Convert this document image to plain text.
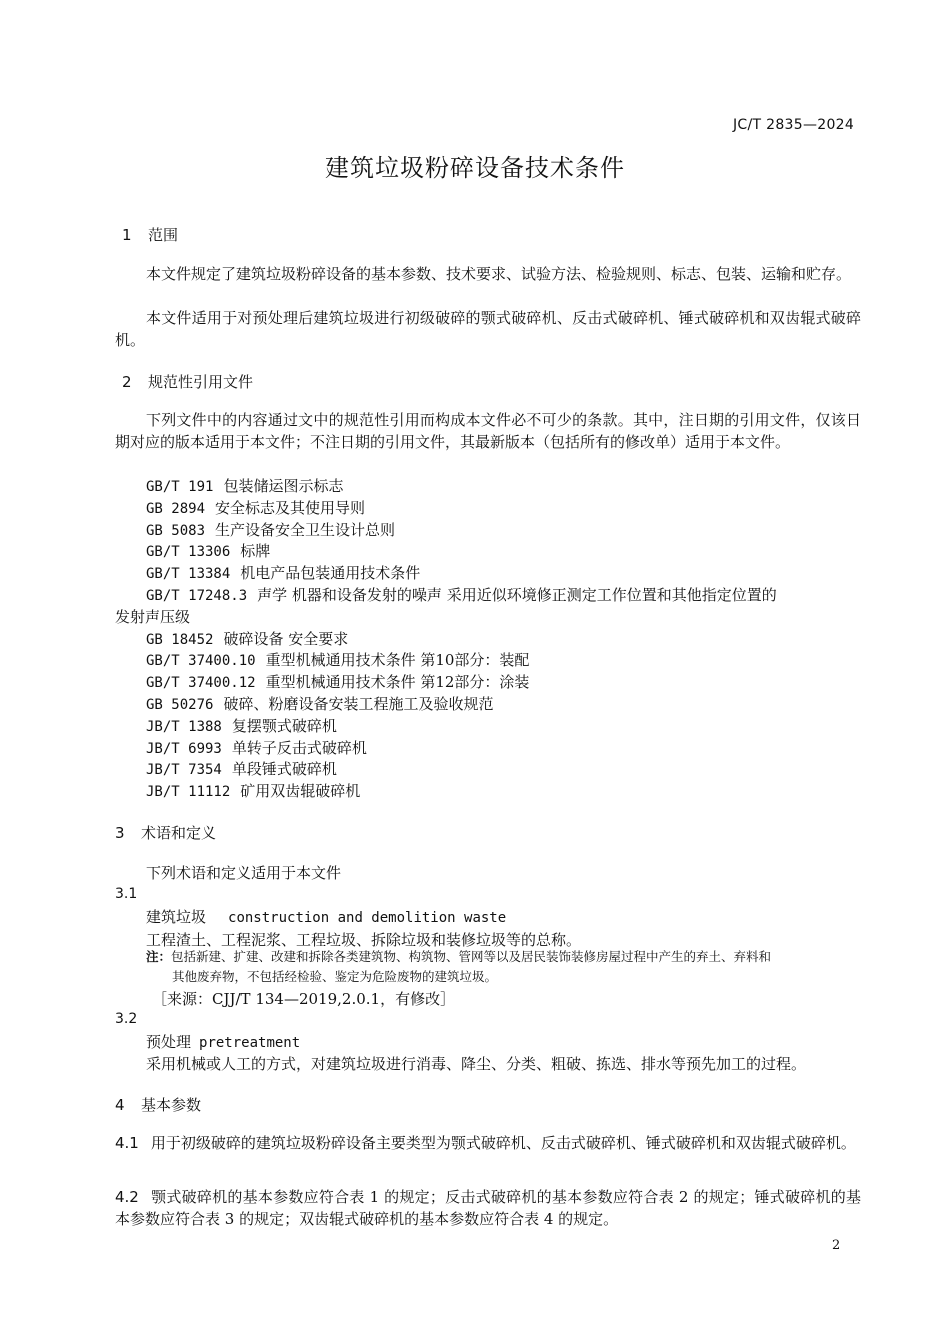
JC/T 2835—2024
建筑垃圾粉碎设备技术条件
1 范围
本文件规定了建筑垃圾粉碎设备的基本参数、技术要求、试验方法、检验规则、标志、包装、运输和贮存。
本文件适用于对预处理后建筑垃圾进行初级破碎的颚式破碎机、反击式破碎机、锤式破碎机和双齿辊式破碎机。
2 规范性引用文件
下列文件中的内容通过文中的规范性引用而构成本文件必不可少的条款。其中，注日期的引用文件，仅该日期对应的版本适用于本文件；不注日期的引用文件，其最新版本（包括所有的修改单）适用于本文件。
GB/T 191 包装储运图示标志
GB 2894 安全标志及其使用导则
GB 5083 生产设备安全卫生设计总则
GB/T 13306 标牌
GB/T 13384 机电产品包装通用技术条件
GB/T 17248.3 声学 机器和设备发射的噪声 采用近似环境修正测定工作位置和其他指定位置的
发射声压级
GB 18452 破碎设备 安全要求
GB/T 37400.10 重型机械通用技术条件 第10部分：装配
GB/T 37400.12 重型机械通用技术条件 第12部分：涂装
GB 50276 破碎、粉磨设备安装工程施工及验收规范
JB/T 1388 复摆颚式破碎机
JB/T 6993 单转子反击式破碎机
JB/T 7354 单段锤式破碎机
JB/T 11112 矿用双齿辊破碎机
3 术语和定义
下列术语和定义适用于本文件
3.1
建筑垃圾 construction and demolition waste
工程渣土、工程泥浆、工程垃圾、拆除垃圾和装修垃圾等的总称。
注：包括新建、扩建、改建和拆除各类建筑物、构筑物、管网等以及居民装饰装修房屋过程中产生的弃土、弃料和
其他废弃物，不包括经检验、鉴定为危险废物的建筑垃圾。
［来源：CJJ/T 134—2019,2.0.1，有修改］
3.2
预处理 pretreatment
采用机械或人工的方式，对建筑垃圾进行消毒、降尘、分类、粗破、拣选、排水等预先加工的过程。
4 基本参数
4.1 用于初级破碎的建筑垃圾粉碎设备主要类型为颚式破碎机、反击式破碎机、锤式破碎机和双齿辊式破碎机。
4.2 颚式破碎机的基本参数应符合表 1 的规定；反击式破碎机的基本参数应符合表 2 的规定；锤式破碎机的基本参数应符合表 3 的规定；双齿辊式破碎机的基本参数应符合表 4 的规定。
2
